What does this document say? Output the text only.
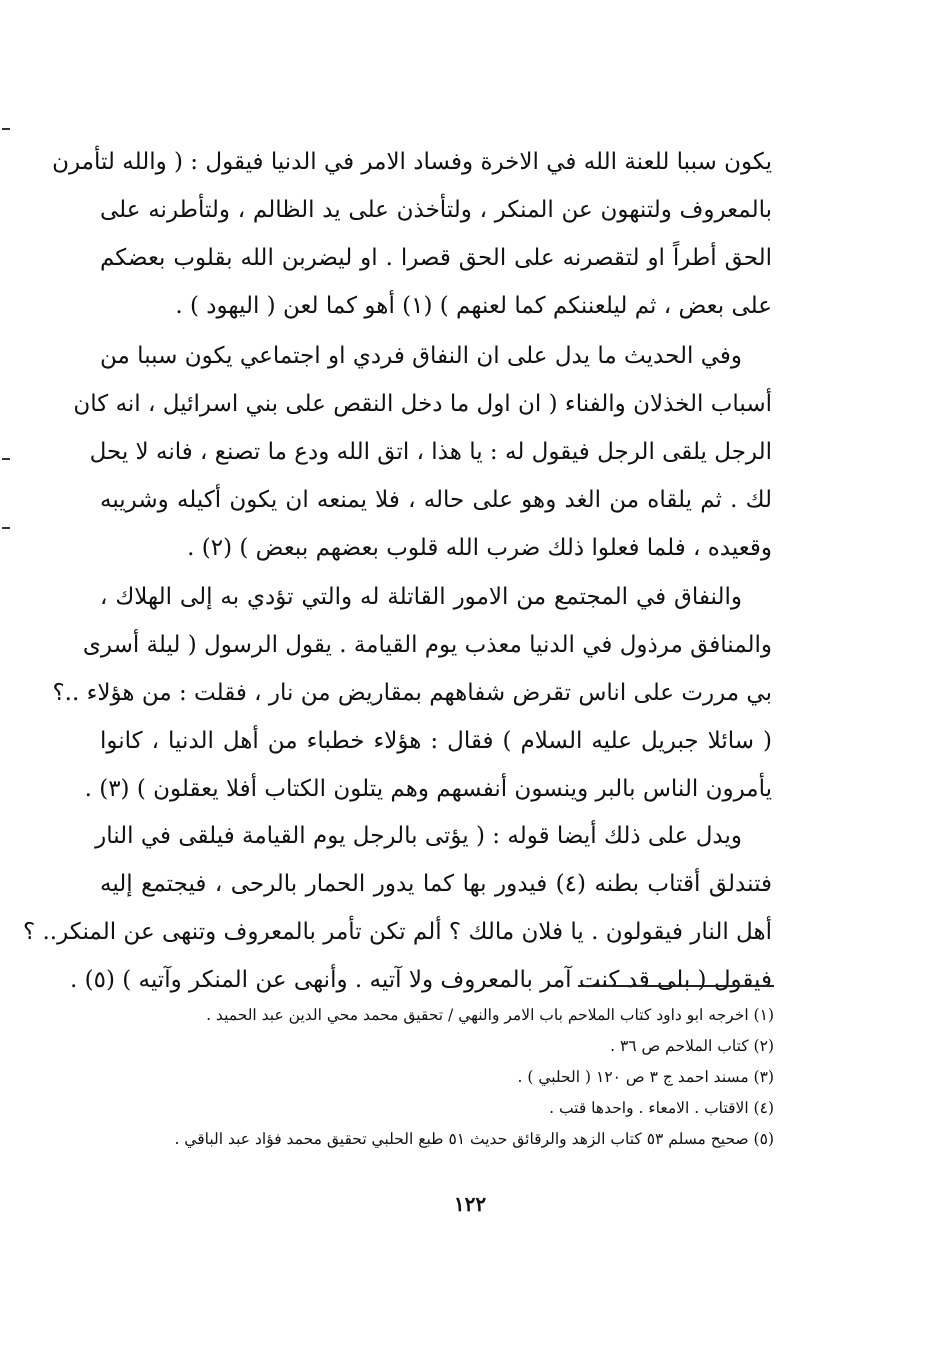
يكون سببا للعنة الله في الاخرة وفساد الامر في الدنيا فيقول : ( والله لتأمرن
بالمعروف ولتنهون عن المنكر ، ولتأخذن على يد الظالم ، ولتأطرنه على
الحق أطراً او لتقصرنه على الحق قصرا . او ليضربن الله بقلوب بعضكم
على بعض ، ثم ليلعننكم كما لعنهم ) (١) أهو كما لعن ( اليهود ) .
وفي الحديث ما يدل على ان النفاق فردي او اجتماعي يكون سببا من
أسباب الخذلان والفناء ( ان اول ما دخل النقص على بني اسرائيل ، انه كان
الرجل يلقى الرجل فيقول له : يا هذا ، اتق الله ودع ما تصنع ، فانه لا يحل
لك . ثم يلقاه من الغد وهو على حاله ، فلا يمنعه ان يكون أكيله وشريبه
وقعيده ، فلما فعلوا ذلك ضرب الله قلوب بعضهم ببعض ) (٢) .
والنفاق في المجتمع من الامور القاتلة له والتي تؤدي به إلى الهلاك ،
والمنافق مرذول في الدنيا معذب يوم القيامة . يقول الرسول ( ليلة أسرى
بي مررت على اناس تقرض شفاههم بمقاريض من نار ، فقلت : من هؤلاء ..؟
( سائلا جبريل عليه السلام ) فقال : هؤلاء خطباء من أهل الدنيا ، كانوا
يأمرون الناس بالبر وينسون أنفسهم وهم يتلون الكتاب أفلا يعقلون ) (٣) .
ويدل على ذلك أيضا قوله : ( يؤتى بالرجل يوم القيامة فيلقى في النار
فتندلق أقتاب بطنه (٤) فيدور بها كما يدور الحمار بالرحى ، فيجتمع إليه
أهل النار فيقولون . يا فلان مالك ؟ ألم تكن تأمر بالمعروف وتنهى عن المنكر.. ؟
فيقول ( بلى قد كنت آمر بالمعروف ولا آتيه . وأنهى عن المنكر وآتيه ) (٥) .
(١) اخرجه ابو داود كتاب الملاحم باب الامر والنهي / تحقيق محمد محي الدين عبد الحميد .
(٢) كتاب الملاحم ص ٣٦ .
(٣) مسند احمد ج ٣ ص ١٢٠ ( الحلبي ) .
(٤) الاقتاب . الامعاء . واحدها قتب .
(٥) صحيح مسلم ٥٣ كتاب الزهد والرقائق حديث ٥١ طبع الحلبي تحقيق محمد فؤاد عبد الباقي .
١٢٢
